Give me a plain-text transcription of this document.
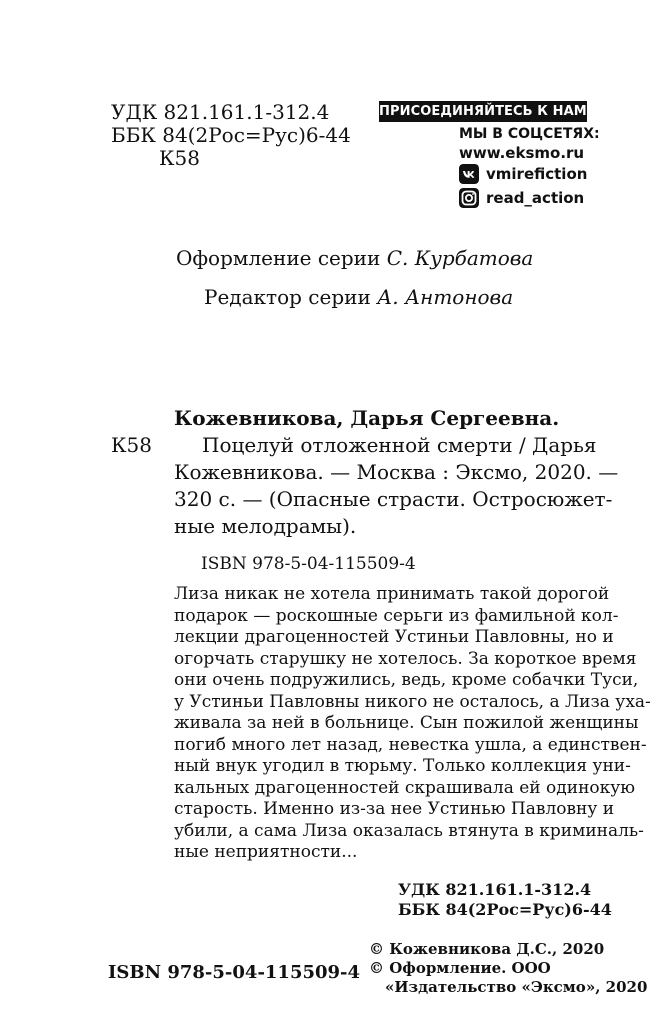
УДК 821.161.1-312.4
ББК 84(2Рос=Рус)6-44
К58
ПРИСОЕДИНЯЙТЕСЬ К НАМ!
МЫ В СОЦСЕТЯХ:
www.eksmo.ru
vmirefiction
read_action
Оформление серии С. Курбатова
Редактор серии А. Антонова
Кожевникова, Дарья Сергеевна.
К58	Поцелуй отложенной смерти / Дарья
Кожевникова. — Москва : Эксмо, 2020. —
320 с. — (Опасные страсти. Остросюжет-
ные мелодрамы).
ISBN 978-5-04-115509-4
Лиза никак не хотела принимать такой дорогой
подарок — роскошные серьги из фамильной кол-
лекции драгоценностей Устиньи Павловны, но и
огорчать старушку не хотелось. За короткое время
они очень подружились, ведь, кроме собачки Туси,
у Устиньи Павловны никого не осталось, а Лиза уха-
живала за ней в больнице. Сын пожилой женщины
погиб много лет назад, невестка ушла, а единствен-
ный внук угодил в тюрьму. Только коллекция уни-
кальных драгоценностей скрашивала ей одинокую
старость. Именно из-за нее Устинью Павловну и
убили, а сама Лиза оказалась втянута в криминаль-
ные неприятности...
УДК 821.161.1-312.4
ББК 84(2Рос=Рус)6-44
ISBN 978-5-04-115509-4
© Кожевникова Д.С., 2020
© Оформление. ООО
«Издательство «Эксмо», 2020
